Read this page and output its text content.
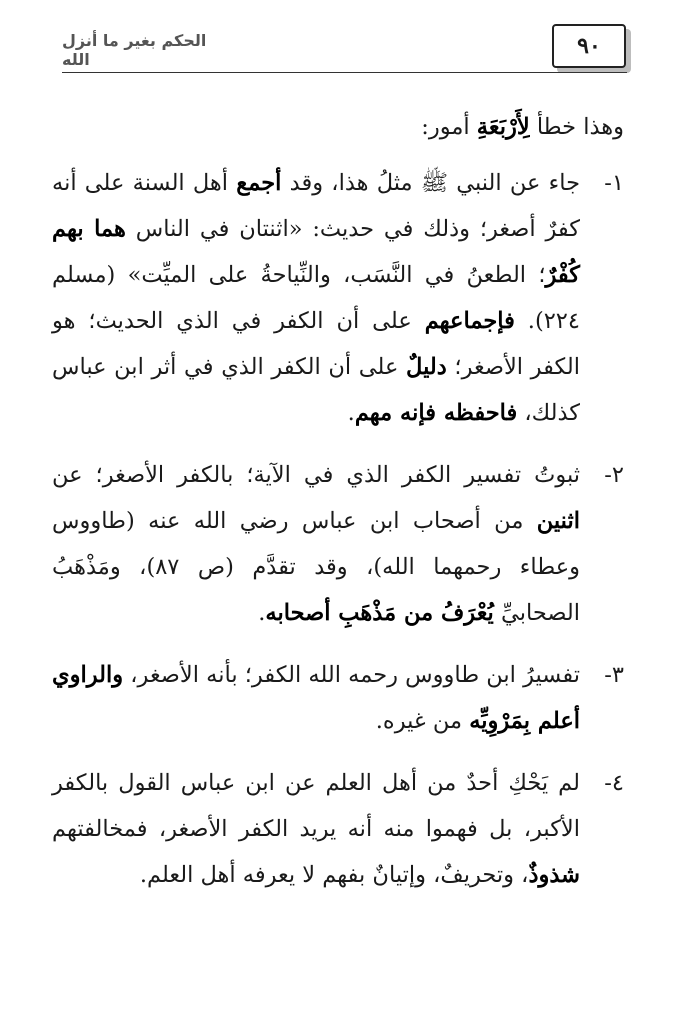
٩٠
الحكم بغير ما أنزل الله

وهذا خطأ لِأَرْبَعَةِ أمور:

١-
جاء عن النبي ﷺ مثلُ هذا، وقد أجمع أهل السنة على أنه كفرٌ أصغر؛ وذلك في حديث: «اثنتان في الناس هما بهم كُفْرٌ؛ الطعنُ في النَّسَب، والنِّياحةُ على الميِّت» (مسلم ٢٢٤). فإجماعهم على أن الكفر في الذي الحديث؛ هو الكفر الأصغر؛ دليلٌ على أن الكفر الذي في أثر ابن عباس كذلك، فاحفظه فإنه مهم.
٢-
ثبوتُ تفسير الكفر الذي في الآية؛ بالكفر الأصغر؛ عن اثنين من أصحاب ابن عباس رضي الله عنه (طاووس وعطاء رحمهما الله)، وقد تقدَّم (ص ٨٧)، ومَذْهَبُ الصحابيِّ يُعْرَفُ من مَذْهَبِ أصحابه.
٣-
تفسيرُ ابن طاووس رحمه الله الكفر؛ بأنه الأصغر، والراوي أعلم بِمَرْوِيِّه من غيره.
٤-
لم يَحْكِ أحدٌ من أهل العلم عن ابن عباس القول بالكفر الأكبر، بل فهموا منه أنه يريد الكفر الأصغر، فمخالفتهم شذوذٌ، وتحريفٌ، وإتيانٌ بفهم لا يعرفه أهل العلم.
